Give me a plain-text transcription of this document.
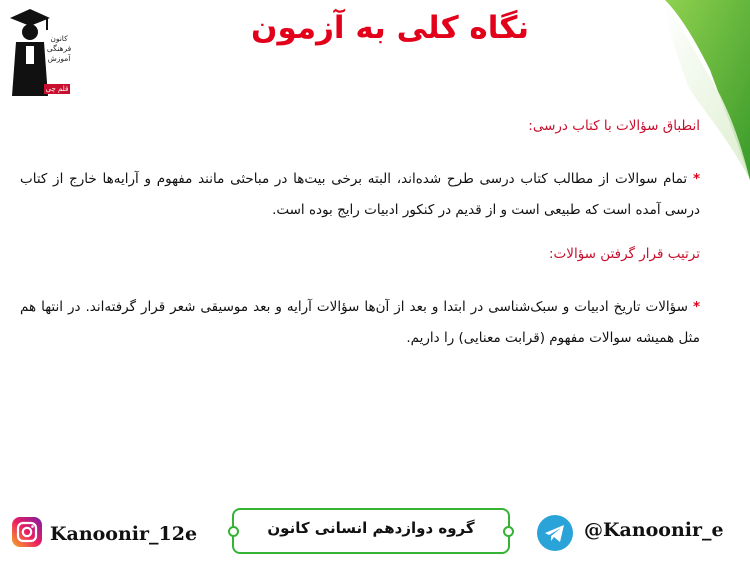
کانون
فرهنگی
آموزش
قلم چی
نگاه کلی به آزمون

انطباق سؤالات با کتاب درسی:

* تمام سوالات از مطالب کتاب درسی طرح شده‌اند، البته برخی بیت‌ها در مباحثی مانند مفهوم و آرایه‌ها خارج از کتاب درسی آمده است که طبیعی است و از قدیم در کنکور ادبیات رایج بوده است.

ترتیب قرار گرفتن سؤالات:

* سؤالات تاریخ ادبیات و سبک‌شناسی در ابتدا و بعد از آن‌ها سؤالات آرایه و بعد موسیقی شعر قرار گرفته‌اند. در انتها هم مثل همیشه سوالات مفهوم (قرابت معنایی) را داریم.

Kanoonir_12e	گروه دوازدهم انسانی کانون	@Kanoonir_e
